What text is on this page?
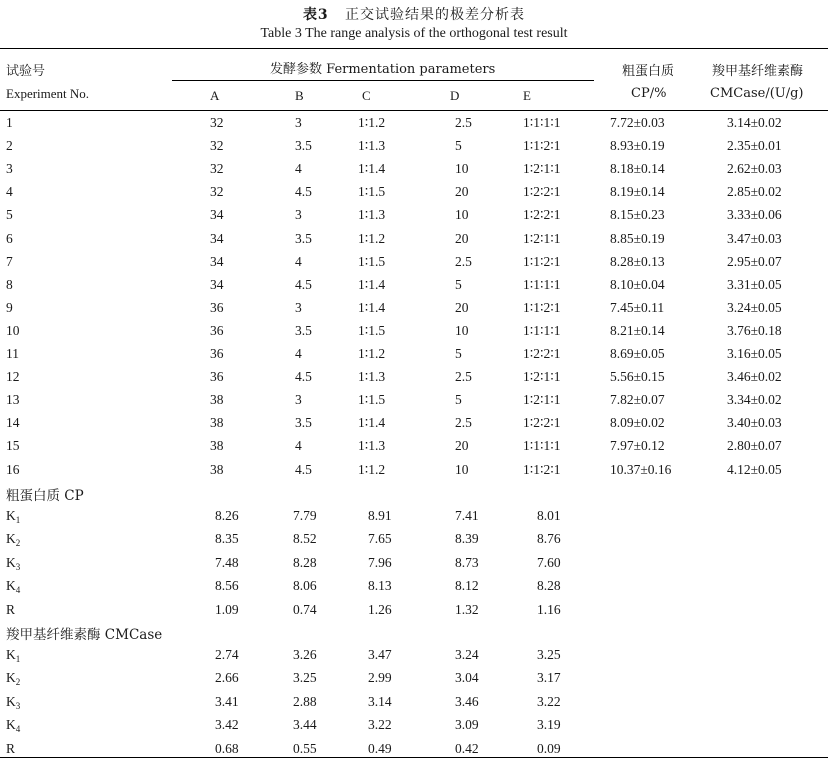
表3 正交试验结果的极差分析表
Table 3 The range analysis of the orthogonal test result
试验号
Experiment No.
发酵参数 Fermentation parameters	粗蛋白质
CP/%
羧甲基纤维素酶
CMCase/(U/g)
A	B	C	D	E
1	32	3	1∶1.2	2.5	1∶1∶1∶1	7.72±0.03	3.14±0.02
2	32	3.5	1∶1.3	5	1∶1∶2∶1	8.93±0.19	2.35±0.01
3	32	4	1∶1.4	10	1∶2∶1∶1	8.18±0.14	2.62±0.03
4	32	4.5	1∶1.5	20	1∶2∶2∶1	8.19±0.14	2.85±0.02
5	34	3	1∶1.3	10	1∶2∶2∶1	8.15±0.23	3.33±0.06
6	34	3.5	1∶1.2	20	1∶2∶1∶1	8.85±0.19	3.47±0.03
7	34	4	1∶1.5	2.5	1∶1∶2∶1	8.28±0.13	2.95±0.07
8	34	4.5	1∶1.4	5	1∶1∶1∶1	8.10±0.04	3.31±0.05
9	36	3	1∶1.4	20	1∶1∶2∶1	7.45±0.11	3.24±0.05
10	36	3.5	1∶1.5	10	1∶1∶1∶1	8.21±0.14	3.76±0.18
11	36	4	1∶1.2	5	1∶2∶2∶1	8.69±0.05	3.16±0.05
12	36	4.5	1∶1.3	2.5	1∶2∶1∶1	5.56±0.15	3.46±0.02
13	38	3	1∶1.5	5	1∶2∶1∶1	7.82±0.07	3.34±0.02
14	38	3.5	1∶1.4	2.5	1∶2∶2∶1	8.09±0.02	3.40±0.03
15	38	4	1∶1.3	20	1∶1∶1∶1	7.97±0.12	2.80±0.07
16	38	4.5	1∶1.2	10	1∶1∶2∶1	10.37±0.16	4.12±0.05
粗蛋白质 CP
$K_1$	8.26	7.79	8.91	7.41	8.01
$K_2$	8.35	8.52	7.65	8.39	8.76
$K_3$	7.48	8.28	7.96	8.73	7.60
$K_4$	8.56	8.06	8.13	8.12	8.28
R	1.09	0.74	1.26	1.32	1.16
羧甲基纤维素酶 CMCase
$K_1$	2.74	3.26	3.47	3.24	3.25
$K_2$	2.66	3.25	2.99	3.04	3.17
$K_3$	3.41	2.88	3.14	3.46	3.22
$K_4$	3.42	3.44	3.22	3.09	3.19
R	0.68	0.55	0.49	0.42	0.09
